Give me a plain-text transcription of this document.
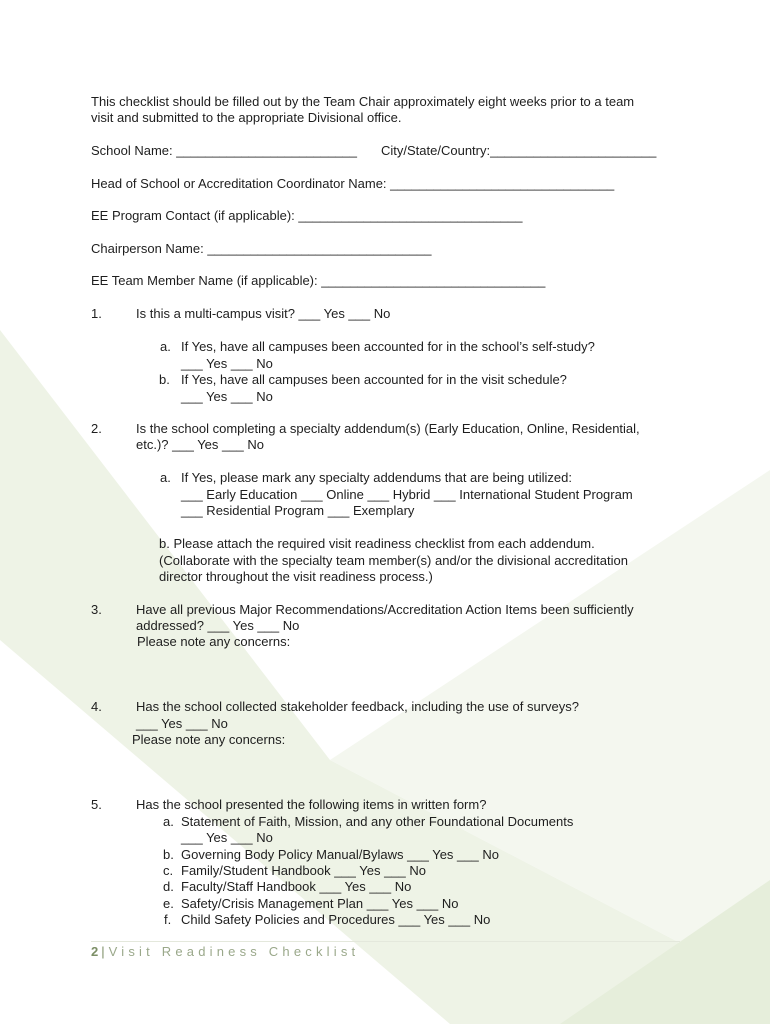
This checklist should be filled out by the Team Chair approximately eight weeks prior to a team
visit and submitted to the appropriate Divisional office.
School Name: _________________________ City/State/Country:_______________________
Head of School or Accreditation Coordinator Name: _______________________________
EE Program Contact (if applicable): _______________________________
Chairperson Name: _______________________________
EE Team Member Name (if applicable): _______________________________
1.	Is this a multi-campus visit? ___ Yes ___ No
a. If Yes, have all campuses been accounted for in the school’s self-study?
___ Yes ___ No
b. If Yes, have all campuses been accounted for in the visit schedule?
___ Yes ___ No
2.	Is the school completing a specialty addendum(s) (Early Education, Online, Residential,
etc.)? ___ Yes ___ No
a. If Yes, please mark any specialty addendums that are being utilized:
___ Early Education ___ Online ___ Hybrid ___ International Student Program
___ Residential Program ___ Exemplary
b. Please attach the required visit readiness checklist from each addendum.
(Collaborate with the specialty team member(s) and/or the divisional accreditation
director throughout the visit readiness process.)
3.	Have all previous Major Recommendations/Accreditation Action Items been sufficiently
addressed? ___ Yes ___ No
Please note any concerns:
4.	Has the school collected stakeholder feedback, including the use of surveys?
___ Yes ___ No
Please note any concerns:
5.	Has the school presented the following items in written form?
a. Statement of Faith, Mission, and any other Foundational Documents
___ Yes ___ No
b. Governing Body Policy Manual/Bylaws ___ Yes ___ No
c. Family/Student Handbook ___ Yes ___ No
d. Faculty/Staff Handbook ___ Yes ___ No
e. Safety/Crisis Management Plan ___ Yes ___ No
f. Child Safety Policies and Procedures ___ Yes ___ No
2 | Visit Readiness Checklist
